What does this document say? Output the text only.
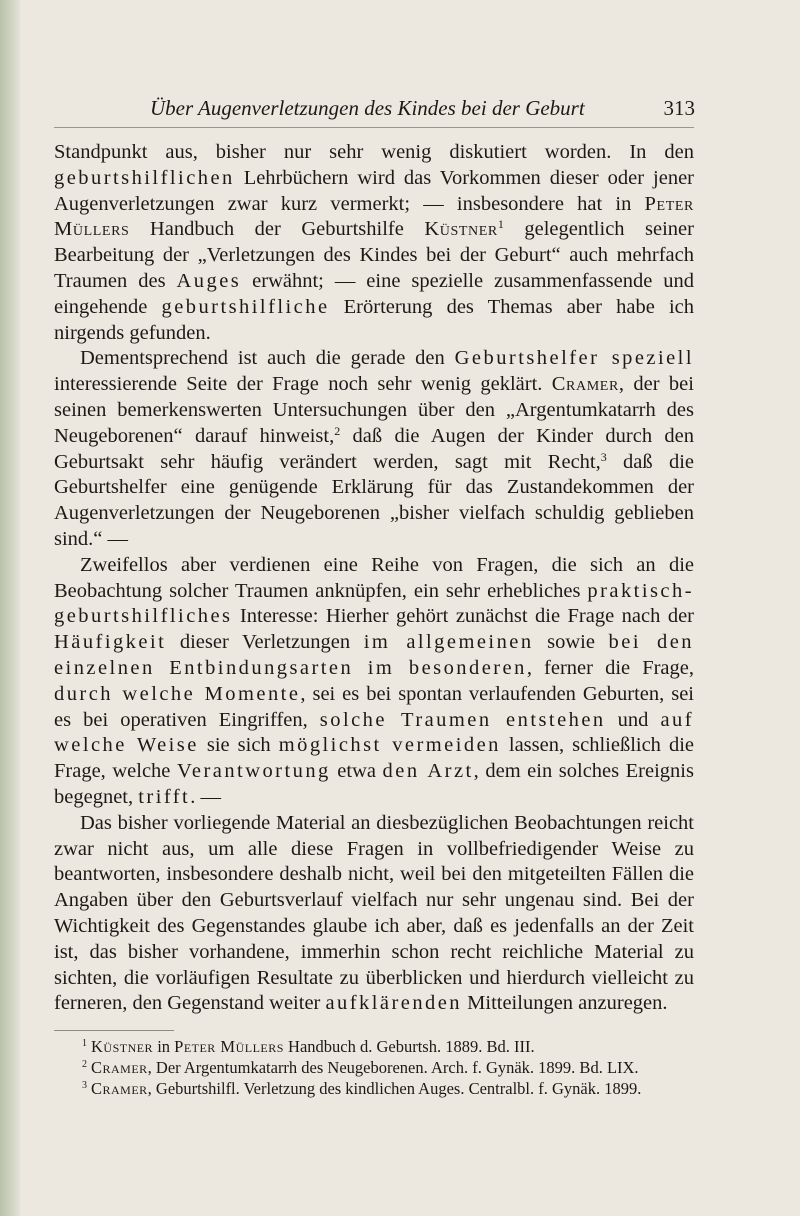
Über Augenverletzungen des Kindes bei der Geburt	313

Standpunkt aus, bisher nur sehr wenig diskutiert worden. In den geburtshilflichen Lehrbüchern wird das Vorkommen dieser oder jener Augenverletzungen zwar kurz vermerkt; — insbesondere hat in Peter Müllers Handbuch der Geburtshilfe Küstner$^1$ gelegentlich seiner Bearbeitung der „Verletzungen des Kindes bei der Geburt“ auch mehrfach Traumen des Auges erwähnt; — eine spezielle zusammenfassende und eingehende geburtshilfliche Erörterung des Themas aber habe ich nirgends gefunden.

Dementsprechend ist auch die gerade den Geburtshelfer speziell interessierende Seite der Frage noch sehr wenig geklärt. Cramer, der bei seinen bemerkenswerten Untersuchungen über den „Argentumkatarrh des Neugeborenen“ darauf hinweist,$^2$ daß die Augen der Kinder durch den Geburtsakt sehr häufig verändert werden, sagt mit Recht,$^3$ daß die Geburtshelfer eine genügende Erklärung für das Zustandekommen der Augenverletzungen der Neugeborenen „bisher vielfach schuldig geblieben sind.“ —

Zweifellos aber verdienen eine Reihe von Fragen, die sich an die Beobachtung solcher Traumen anknüpfen, ein sehr erhebliches praktisch-geburtshilfliches Interesse: Hierher gehört zunächst die Frage nach der Häufigkeit dieser Verletzungen im allgemeinen sowie bei den einzelnen Entbindungsarten im besonderen, ferner die Frage, durch welche Momente, sei es bei spontan verlaufenden Geburten, sei es bei operativen Eingriffen, solche Traumen entstehen und auf welche Weise sie sich möglichst vermeiden lassen, schließlich die Frage, welche Verantwortung etwa den Arzt, dem ein solches Ereignis begegnet, trifft. —

Das bisher vorliegende Material an diesbezüglichen Beobachtungen reicht zwar nicht aus, um alle diese Fragen in vollbefriedigender Weise zu beantworten, insbesondere deshalb nicht, weil bei den mitgeteilten Fällen die Angaben über den Geburtsverlauf vielfach nur sehr ungenau sind. Bei der Wichtigkeit des Gegenstandes glaube ich aber, daß es jedenfalls an der Zeit ist, das bisher vorhandene, immerhin schon recht reichliche Material zu sichten, die vorläufigen Resultate zu überblicken und hierdurch vielleicht zu ferneren, den Gegenstand weiter aufklärenden Mitteilungen anzuregen.

$^1$ Küstner in Peter Müllers Handbuch d. Geburtsh. 1889. Bd. III.

$^2$ Cramer, Der Argentumkatarrh des Neugeborenen. Arch. f. Gynäk. 1899. Bd. LIX.

$^3$ Cramer, Geburtshilfl. Verletzung des kindlichen Auges. Centralbl. f. Gynäk. 1899.
